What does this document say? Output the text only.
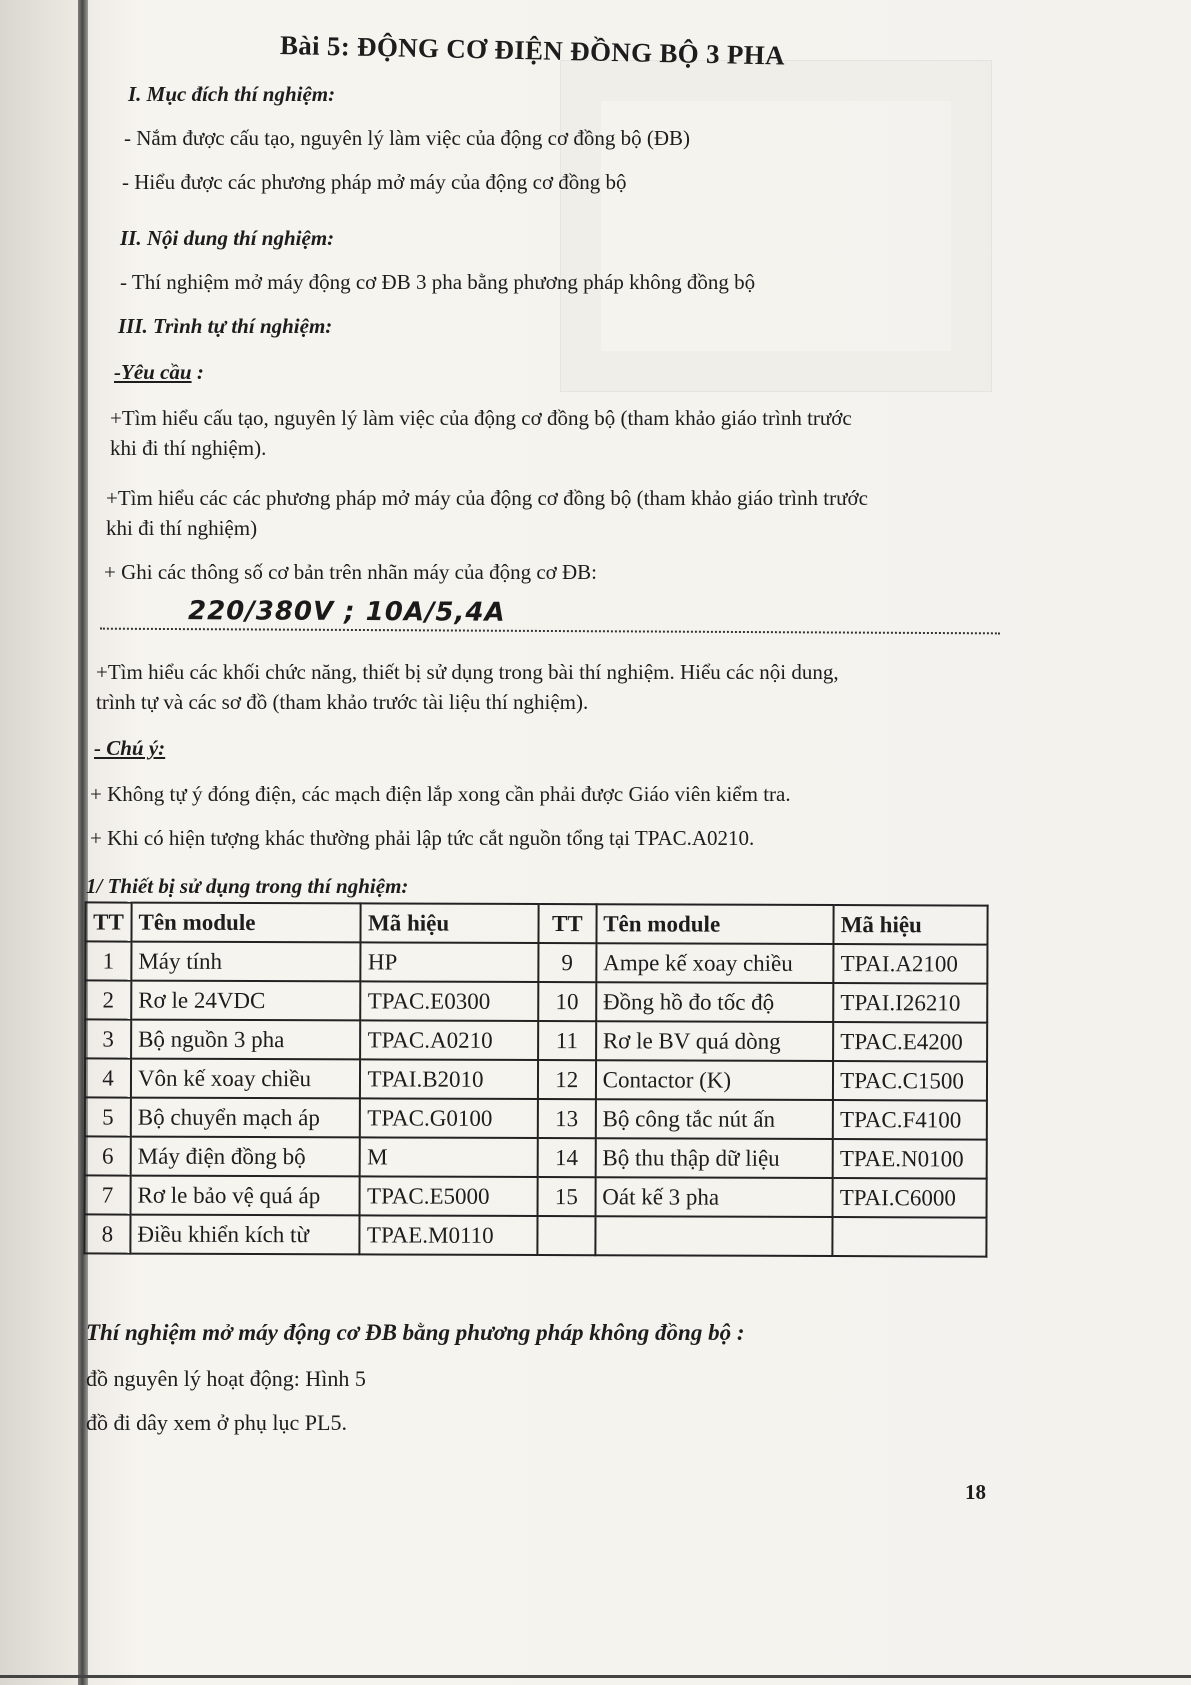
Bài 5: ĐỘNG CƠ ĐIỆN ĐỒNG BỘ 3 PHA
I. Mục đích thí nghiệm:
- Nắm được cấu tạo, nguyên lý làm việc của động cơ đồng bộ (ĐB)
- Hiểu được các phương pháp mở máy của động cơ đồng bộ
II. Nội dung thí nghiệm:
- Thí nghiệm mở máy động cơ ĐB 3 pha bằng phương pháp không đồng bộ
III. Trình tự thí nghiệm:
-Yêu cầu :
+Tìm hiểu cấu tạo, nguyên lý làm việc của động cơ đồng bộ (tham khảo giáo trình trước
khi đi thí nghiệm).
+Tìm hiểu các các phương pháp mở máy của động cơ đồng bộ (tham khảo giáo trình trước
khi đi thí nghiệm)
+ Ghi các thông số cơ bản trên nhãn máy của động cơ ĐB:
220/380V ; 10A/5,4A
+Tìm hiểu các khối chức năng, thiết bị sử dụng trong bài thí nghiệm. Hiểu các nội dung,
trình tự và các sơ đồ (tham khảo trước tài liệu thí nghiệm).
- Chú ý:
+ Không tự ý đóng điện, các mạch điện lắp xong cần phải được Giáo viên kiểm tra.
+ Khi có hiện tượng khác thường phải lập tức cắt nguồn tổng tại TPAC.A0210.
1/ Thiết bị sử dụng trong thí nghiệm:
TT	Tên module	Mã hiệu	TT	Tên module	Mã hiệu
1	Máy tính	HP	9	Ampe kế xoay chiều	TPAI.A2100
2	Rơ le 24VDC	TPAC.E0300	10	Đồng hồ đo tốc độ	TPAI.I26210
3	Bộ nguồn 3 pha	TPAC.A0210	11	Rơ le BV quá dòng	TPAC.E4200
4	Vôn kế xoay chiều	TPAI.B2010	12	Contactor (K)	TPAC.C1500
5	Bộ chuyển mạch áp	TPAC.G0100	13	Bộ công tắc nút ấn	TPAC.F4100
6	Máy điện đồng bộ	M	14	Bộ thu thập dữ liệu	TPAE.N0100
7	Rơ le bảo vệ quá áp	TPAC.E5000	15	Oát kế 3 pha	TPAI.C6000
8	Điều khiển kích từ	TPAE.M0110			
Thí nghiệm mở máy động cơ ĐB bằng phương pháp không đồng bộ :
đồ nguyên lý hoạt động: Hình 5
đồ đi dây xem ở phụ lục PL5.
18
